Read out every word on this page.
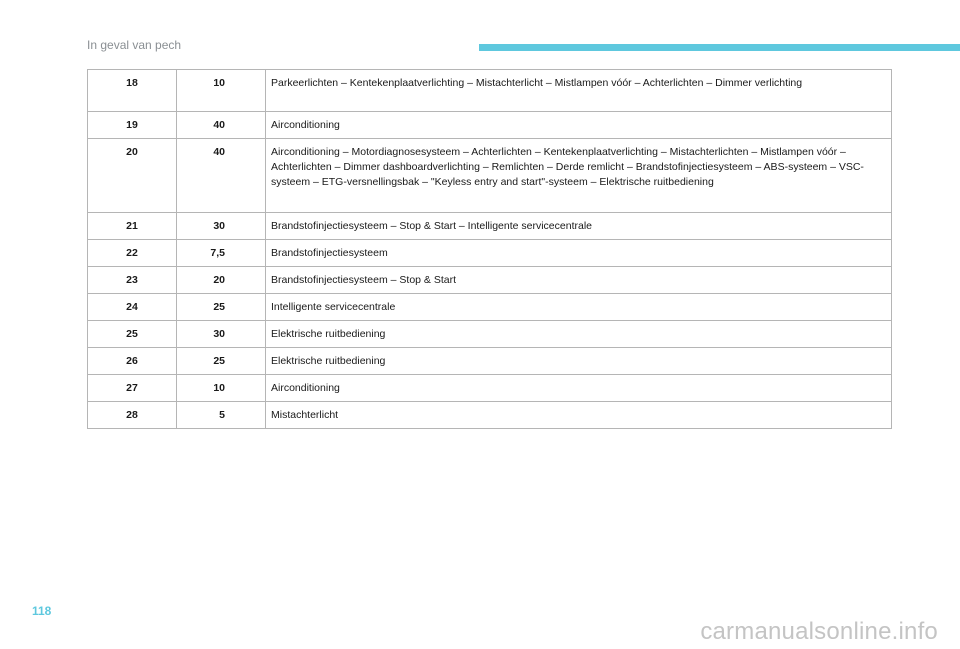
In geval van pech
18	10	Parkeerlichten – Kentekenplaatverlichting – Mistachterlicht – Mistlampen vóór – Achterlichten – Dimmer verlichting
19	40	Airconditioning
20	40	Airconditioning – Motordiagnosesysteem – Achterlichten – Kentekenplaatverlichting – Mistachterlichten – Mistlampen vóór – Achterlichten – Dimmer dashboardverlichting – Remlichten – Derde remlicht – Brandstofinjectiesysteem – ABS-systeem – VSC-systeem – ETG-versnellingsbak – "Keyless entry and start"-systeem – Elektrische ruitbediening
21	30	Brandstofinjectiesysteem – Stop & Start – Intelligente servicecentrale
22	7,5	Brandstofinjectiesysteem
23	20	Brandstofinjectiesysteem – Stop & Start
24	25	Intelligente servicecentrale
25	30	Elektrische ruitbediening
26	25	Elektrische ruitbediening
27	10	Airconditioning
28	5	Mistachterlicht
118
carmanualsonline.info
